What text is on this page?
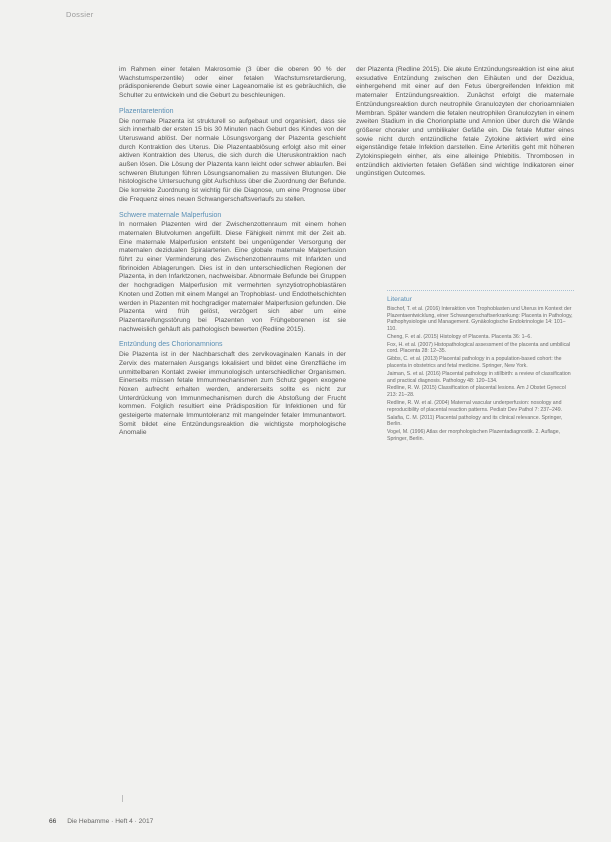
Dossier

im Rahmen einer fetalen Makrosomie (3 über die oberen 90 % der Wachstumsperzentile) oder einer fetalen Wachstumsretardierung, prädisponierende Geburt sowie einer Lageanomalie ist es gebräuchlich, die Schulter zu entwickeln und die Geburt zu beschleunigen.

Plazentaretention

Die normale Plazenta ist strukturell so aufgebaut und organisiert, dass sie sich innerhalb der ersten 15 bis 30 Minuten nach Geburt des Kindes von der Uteruswand ablöst. Der normale Lösungsvorgang der Plazenta geschieht durch Kontraktion des Uterus. Die Plazentaablösung erfolgt also mit einer aktiven Kontraktion des Uterus, die sich durch die Uteruskontraktion nach außen lösen. Die Lösung der Plazenta kann leicht oder schwer ablaufen. Bei schweren Blutungen führen Lösungsanomalien zu massiven Blutungen. Die histologische Untersuchung gibt Aufschluss über die Zuordnung der Befunde. Die korrekte Zuordnung ist wichtig für die Diagnose, um eine Prognose über die Frequenz eines neuen Schwangerschaftsverlaufs zu stellen.

Schwere maternale Malperfusion

In normalen Plazenten wird der Zwischenzottenraum mit einem hohen maternalen Blutvolumen angefüllt. Diese Fähigkeit nimmt mit der Zeit ab. Eine maternale Malperfusion entsteht bei ungenügender Versorgung der maternalen dezidualen Spiralarterien. Eine globale maternale Malperfusion führt zu einer Verminderung des Zwischenzottenraums mit Infarkten und fibrinoiden Ablagerungen. Dies ist in den unterschiedlichen Regionen der Plazenta, in den Infarktzonen, nachweisbar. Abnormale Befunde bei Gruppen der hochgradigen Malperfusion mit vermehrten synzytiotrophoblastären Knoten und Zotten mit einem Mangel an Trophoblast- und Endothelschichten werden in Plazenten mit hochgradiger maternaler Malperfusion gefunden. Die Plazenta wird früh gelöst, verzögert sich aber um eine Plazentareifungsstörung bei Plazenten von Frühgeborenen ist sie nachweislich gehäuft als pathologisch bewerten (Redline 2015).

Entzündung des Chorionamnions

Die Plazenta ist in der Nachbarschaft des zervikovaginalen Kanals in der Zervix des maternalen Ausgangs lokalisiert und bildet eine Grenzfläche im unmittelbaren Kontakt zweier immunologisch unterschiedlicher Organismen. Einerseits müssen fetale Immunmechanismen zum Schutz gegen exogene Noxen aufrecht erhalten werden, andererseits sollte es nicht zur Unterdrückung von Immunmechanismen durch die Abstoßung der Frucht kommen. Folglich resultiert eine Prädisposition für Infektionen und für gesteigerte maternale Immuntoleranz mit mangelnder fetaler Immunantwort. Somit bildet eine Entzündungsreaktion die wichtigste morphologische Anomalie

der Plazenta (Redline 2015). Die akute Entzündungsreaktion ist eine akut exsudative Entzündung zwischen den Eihäuten und der Dezidua, einhergehend mit einer auf den Fetus übergreifenden Infektion mit maternaler Entzündungsreaktion. Zunächst erfolgt die maternale Entzündungsreaktion durch neutrophile Granulozyten der chorioamnialen Membran. Später wandern die fetalen neutrophilen Granulozyten in einem zweiten Stadium in die Chorionplatte und Amnion über durch die Wände größerer choraler und umbilikaler Gefäße ein. Die fetale Mutter eines sowie nicht durch entzündliche fetale Zytokine aktiviert wird eine eigenständige fetale Infektion darstellen. Eine Arteriitis geht mit höheren Zytokinspiegeln einher, als eine alleinige Phlebitis. Thrombosen in entzündlich aktivierten fetalen Gefäßen sind wichtige Indikatoren einer ungünstigen Outcomes.

Literatur
Bischof, T. et al. (2016) Interaktion von Trophoblasten und Uterus im Kontext der Plazentaentwicklung, einer Schwangerschaftserkrankung: Placenta in Pathology, Pathophysiologie und Management. Gynäkologische Endokrinologie 14: 101–110.
Cheng, F. et al. (2015) Histology of Placenta. Placenta 36: 1–6.
Fox, H. et al. (2007) Histopathological assessment of the placenta and umbilical cord. Placenta 28: 12–35.
Gibbs, C. et al. (2013) Placental pathology in a population-based cohort: the placenta in obstetrics and fetal medicine. Springer, New York.
Jaiman, S. et al. (2016) Placental pathology in stillbirth: a review of classification and practical diagnosis. Pathology 48: 120–134.
Redline, R. W. (2015) Classification of placental lesions. Am J Obstet Gynecol 213: 21–28.
Redline, R. W. et al. (2004) Maternal vascular underperfusion: nosology and reproducibility of placental reaction patterns. Pediatr Dev Pathol 7: 237–249.
Salafia, C. M. (2011) Placental pathology and its clinical relevance. Springer, Berlin.
Vogel, M. (1996) Atlas der morphologischen Plazentadiagnostik. 2. Auflage, Springer, Berlin.
66 Die Hebamme · Heft 4 · 2017
